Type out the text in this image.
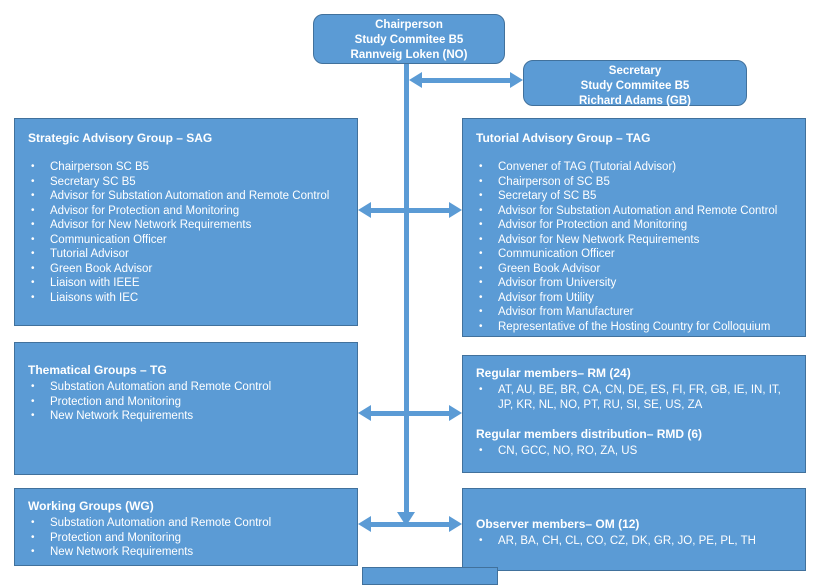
Chairperson
Study Commitee B5
Rannveig Loken (NO)
Secretary
Study Commitee B5
Richard Adams (GB)
Strategic Advisory Group – SAG
•	Chairperson SC B5
•	Secretary SC B5
•	Advisor for Substation Automation and Remote Control
•	Advisor for Protection and Monitoring
•	Advisor for New Network Requirements
•	Communication Officer
•	Tutorial Advisor
•	Green Book Advisor
•	Liaison with IEEE
•	Liaisons with IEC
Tutorial Advisory Group – TAG
•	Convener of TAG (Tutorial Advisor)
•	Chairperson of SC B5
•	Secretary of SC B5
•	Advisor for Substation Automation and Remote Control
•	Advisor for Protection and Monitoring
•	Advisor for New Network Requirements
•	Communication Officer
•	Green Book Advisor
•	Advisor from University
•	Advisor from Utility
•	Advisor from Manufacturer
•	Representative of the Hosting Country for Colloquium
Thematical Groups – TG
•	Substation Automation and Remote Control
•	Protection and Monitoring
•	New Network Requirements
Regular members– RM (24)
•	AT, AU, BE, BR, CA, CN, DE, ES, FI, FR, GB, IE, IN, IT, JP, KR, NL, NO, PT, RU, SI, SE, US, ZA
Regular members distribution– RMD (6)
•	CN, GCC, NO, RO, ZA, US
Working Groups (WG)
•	Substation Automation and Remote Control
•	Protection and Monitoring
•	New Network Requirements
Observer members– OM (12)
•	AR, BA, CH, CL, CO, CZ, DK, GR, JO, PE, PL, TH
